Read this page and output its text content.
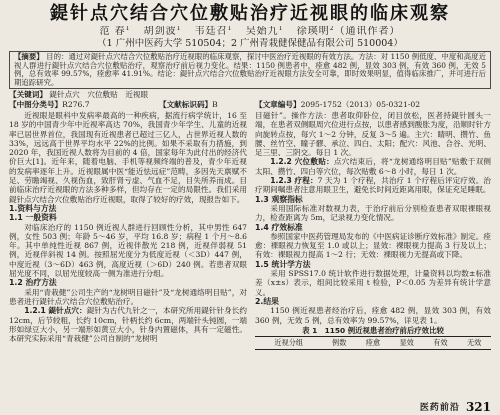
鍉针点穴结合穴位敷贴治疗近视眼的临床观察
范 春$^1$ 胡剑波$^1$ 韦廷召$^1$ 吴始九$^1$ 徐瑛明$^2$（通讯作者）
（1 广州中医药大学 510504；2 广州青栽健保健品有限公司 510004）
【摘要】 目的：通过对鍉针点穴结合穴位敷贴治疗近视眼的临床观察，探讨中医治疗近视眼的有效方法。方法：对 1150 例低度、中度和高度近视人群进行鍉针点穴结合穴位敷贴治疗，观察治疗前后视力变化。结果：1150 例患者中，痊愈 482 例，显效 303 例，有效 360 例，无效 5 例，总有效率 99.57%，痊愈率 41.91%。结论：鍉针点穴结合穴位敷贴治疗近视眼方法安全可靠，即时效果明显，值得临床推广，并可进行后期追踪研究。
【关键词】 鍉针点穴　穴位敷贴　近视眼
【中图分类号】R276.7	【文献标识码】B	【文章编号】2095-1752（2013）05-0321-02

近视眼是眼科中发病率最高的一种疾病，据流行病学统计，16 至 18 岁的中国青少年中近视率高达 70%，我国青少年学生、儿童的近视率已居世界首位，我国现有近视患者已超过三亿人，占世界近视人数的 33%，远远高于世界平均水平 22%的比例。如果不采取有力措施，到 2020 年，我国近视人数将为目前的 4 倍，国家每年为此付出的经济代价巨大[1]。近年来，随着电脑、手机等视频终端的普及，青少年近视的发病率逐年上升。近视眼属中医“能近怯远症”范畴，多因先天禀赋不足、劳瞻竭视、久视伤血，致肝肾亏虚、气血不足，目失所养而成。目前临床治疗近视眼的方法多种多样，但均存在一定的局限性。我们采用鍉针点穴结合穴位敷贴治疗近视眼，取得了较好的疗效，现报告如下。

1.资料与方法
1.1 一般资料

对临床治疗的 1150 例近视人群进行回顾性分析，其中男性 647 例，女性 503 例；年龄 5～46 岁，平均 16.8 岁；病程 1 个月～8.6 年。其中单纯性近视 867 例，近视伴散光 218 例，近视伴弱视 51 例，近视伴斜视 14 例。按照屈光度分为低度近视（＜3D）447 例，中度近视（3～6D）463 例，高度近视（＞6D）240 例。若患者双眼屈光度不同，以屈光度较高一侧为准进行分组。

1.2 治疗方法

采用“青栽健”公司生产的“龙树明目磁针”及“龙树通络明目贴”，对患者进行鍉针点穴结合穴位敷贴治疗。

1.2.1 鍉针点穴：鍉针为古代九针之一，本研究所用鍉针针身长约 12cm，后节较粗，长约 10cm，针柄长约 6cm，两端针头钝圆，一端形如绿豆大小，另一端形如黄豆大小，针身内置磁体，具有一定磁性。本研究实际采用“青栽健”公司自制的“龙树明

目磁针”。操作方法：患者取仰卧位，闭目放松，医者持鍉针圆头一端，在患者双侧眼周穴位进行点按，以患者感到酸胀为度，沿顺时针方向旋转点按，每穴 1～2 分钟，反复 3～5 遍。主穴：睛明、攒竹、鱼腰、丝竹空、瞳子髎、承泣、四白、太阳；配穴：风池、合谷、光明、足三里、三阴交。每日 1 次。

1.2.2 穴位敷贴：点穴结束后，将“龙树通络明目贴”贴敷于双侧太阳、攒竹、四白等穴位，每次贴敷 6～8 小时，每日 1 次。

1.2.3 疗程：7 天为 1 个疗程，共治疗 1 个疗程后评定疗效。治疗期间嘱患者注意用眼卫生，避免长时间近距离用眼，保证充足睡眠。

1.3 观察指标

采用国际标准对数视力表，于治疗前后分别检查患者双眼裸眼视力，检查距离为 5m，记录视力变化情况。

1.4 疗效标准

参照国家中医药管理局发布的《中医病证诊断疗效标准》制定。痊愈：裸眼视力恢复至 1.0 或以上；显效：裸眼视力提高 3 行及以上；有效：裸眼视力提高 1～2 行；无效：裸眼视力无提高或下降。

1.5 统计学方法

采用 SPSS17.0 统计软件进行数据处理，计量资料以均数±标准差（x±s）表示，组间比较采用 t 检验，P＜0.05 为差异有统计学意义。

2.结果

1150 例近视患者经治疗后，痊愈 482 例，显效 303 例，有效 360 例，无效 5 例，总有效率为 99.57%，详见表 1。

表 1　1150 例近视患者治疗前后疗效比较
近视分组	例数	痊愈	显效	有效	无效
医药前沿 321
